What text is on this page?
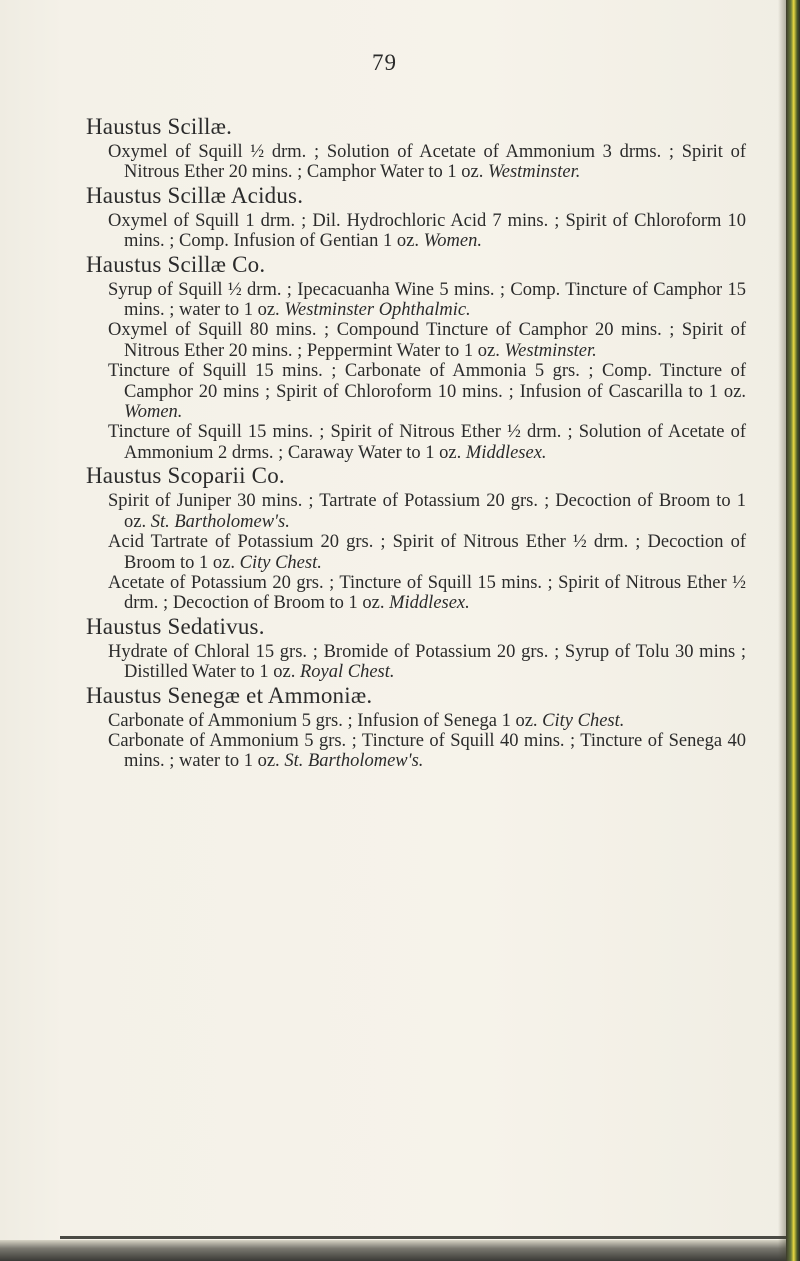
79
Haustus Scillæ.

Oxymel of Squill ½ drm. ; Solution of Acetate of Ammonium 3 drms. ; Spirit of Nitrous Ether 20 mins. ; Camphor Water to 1 oz. Westminster.

Haustus Scillæ Acidus.

Oxymel of Squill 1 drm. ; Dil. Hydrochloric Acid 7 mins. ; Spirit of Chloroform 10 mins. ; Comp. Infusion of Gentian 1 oz. Women.

Haustus Scillæ Co.

Syrup of Squill ½ drm. ; Ipecacuanha Wine 5 mins. ; Comp. Tincture of Camphor 15 mins. ; water to 1 oz. Westminster Ophthalmic.

Oxymel of Squill 80 mins. ; Compound Tincture of Camphor 20 mins. ; Spirit of Nitrous Ether 20 mins. ; Peppermint Water to 1 oz. Westminster.

Tincture of Squill 15 mins. ; Carbonate of Ammonia 5 grs. ; Comp. Tincture of Camphor 20 mins ; Spirit of Chloroform 10 mins. ; Infusion of Cascarilla to 1 oz. Women.

Tincture of Squill 15 mins. ; Spirit of Nitrous Ether ½ drm. ; Solution of Acetate of Ammonium 2 drms. ; Caraway Water to 1 oz. Middlesex.

Haustus Scoparii Co.

Spirit of Juniper 30 mins. ; Tartrate of Potassium 20 grs. ; Decoction of Broom to 1 oz. St. Bartholomew's.

Acid Tartrate of Potassium 20 grs. ; Spirit of Nitrous Ether ½ drm. ; Decoction of Broom to 1 oz. City Chest.

Acetate of Potassium 20 grs. ; Tincture of Squill 15 mins. ; Spirit of Nitrous Ether ½ drm. ; Decoction of Broom to 1 oz. Middlesex.

Haustus Sedativus.

Hydrate of Chloral 15 grs. ; Bromide of Potassium 20 grs. ; Syrup of Tolu 30 mins ; Distilled Water to 1 oz. Royal Chest.

Haustus Senegæ et Ammoniæ.

Carbonate of Ammonium 5 grs. ; Infusion of Senega 1 oz. City Chest.

Carbonate of Ammonium 5 grs. ; Tincture of Squill 40 mins. ; Tincture of Senega 40 mins. ; water to 1 oz. St. Bartholomew's.
